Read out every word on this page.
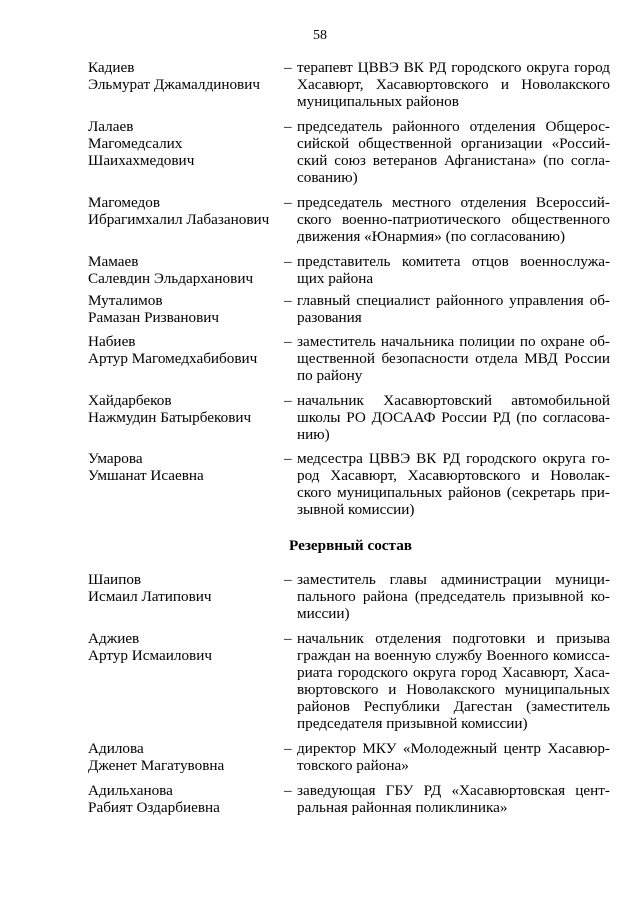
58
Кадиев
Эльмурат Джамалдинович
– терапевт ЦВВЭ ВК РД городского округа город
Хасавюрт, Хасавюртовского и Новолакского
муниципальных районов
Лалаев
Магомедсалих
Шаихахмедович
– председатель районного отделения Общерос-
сийской общественной организации «Россий-
ский союз ветеранов Афганистана» (по согла-
сованию)
Магомедов
Ибрагимхалил Лабазанович
– председатель местного отделения Всероссий-
ского военно-патриотического общественного
движения «Юнармия» (по согласованию)
Мамаев
Салевдин Эльдарханович
– представитель комитета отцов военнослужа-
щих района
Муталимов
Рамазан Ризванович
– главный специалист районного управления об-
разования
Набиев
Артур Магомедхабибович
– заместитель начальника полиции по охране об-
щественной безопасности отдела МВД России
по району
Хайдарбеков
Нажмудин Батырбекович
– начальник Хасавюртовский автомобильной
школы РО ДОСААФ России РД (по согласова-
нию)
Умарова
Умшанат Исаевна
– медсестра ЦВВЭ ВК РД городского округа го-
род Хасавюрт, Хасавюртовского и Новолак-
ского муниципальных районов (секретарь при-
зывной комиссии)
Резервный состав
Шаипов
Исмаил Латипович
– заместитель главы администрации муници-
пального района (председатель призывной ко-
миссии)
Аджиев
Артур Исмаилович
– начальник отделения подготовки и призыва
граждан на военную службу Военного комисса-
риата городского округа город Хасавюрт, Хаса-
вюртовского и Новолакского муниципальных
районов Республики Дагестан (заместитель
председателя призывной комиссии)
Адилова
Дженет Магатувовна
– директор МКУ «Молодежный центр Хасавюр-
товского района»
Адильханова
Рабият Оздарбиевна
– заведующая ГБУ РД «Хасавюртовская цент-
ральная районная поликлиника»
